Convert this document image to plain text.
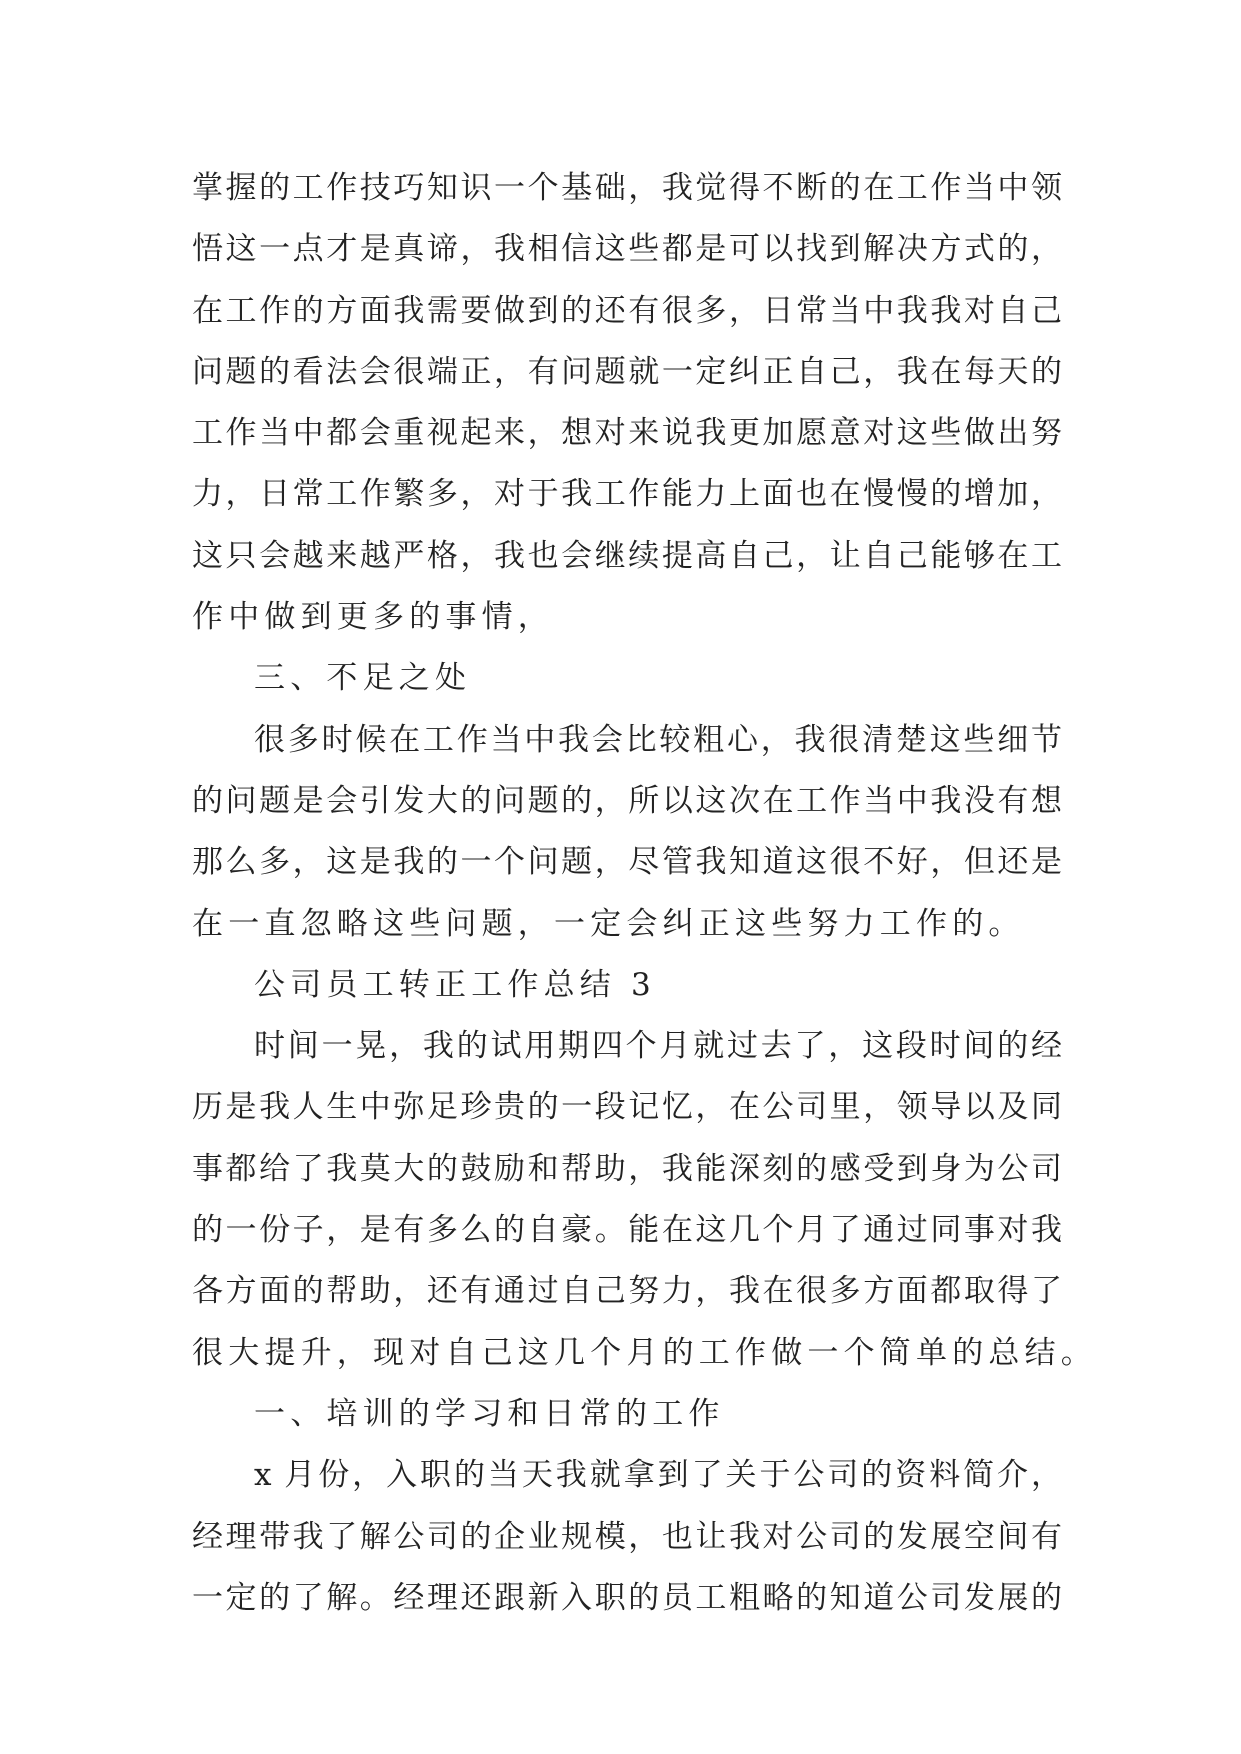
掌握的工作技巧知识一个基础，我觉得不断的在工作当中领
悟这一点才是真谛，我相信这些都是可以找到解决方式的，
在工作的方面我需要做到的还有很多，日常当中我我对自己
问题的看法会很端正，有问题就一定纠正自己，我在每天的
工作当中都会重视起来，想对来说我更加愿意对这些做出努
力，日常工作繁多，对于我工作能力上面也在慢慢的增加，
这只会越来越严格，我也会继续提高自己，让自己能够在工
作中做到更多的事情，
三、不足之处
很多时候在工作当中我会比较粗心，我很清楚这些细节
的问题是会引发大的问题的，所以这次在工作当中我没有想
那么多，这是我的一个问题，尽管我知道这很不好，但还是
在一直忽略这些问题，一定会纠正这些努力工作的。
公司员工转正工作总结 3
时间一晃，我的试用期四个月就过去了，这段时间的经
历是我人生中弥足珍贵的一段记忆，在公司里，领导以及同
事都给了我莫大的鼓励和帮助，我能深刻的感受到身为公司
的一份子，是有多么的自豪。能在这几个月了通过同事对我
各方面的帮助，还有通过自己努力，我在很多方面都取得了
很大提升，现对自己这几个月的工作做一个简单的总结。
一、培训的学习和日常的工作
x 月份，入职的当天我就拿到了关于公司的资料简介，
经理带我了解公司的企业规模，也让我对公司的发展空间有
一定的了解。经理还跟新入职的员工粗略的知道公司发展的
